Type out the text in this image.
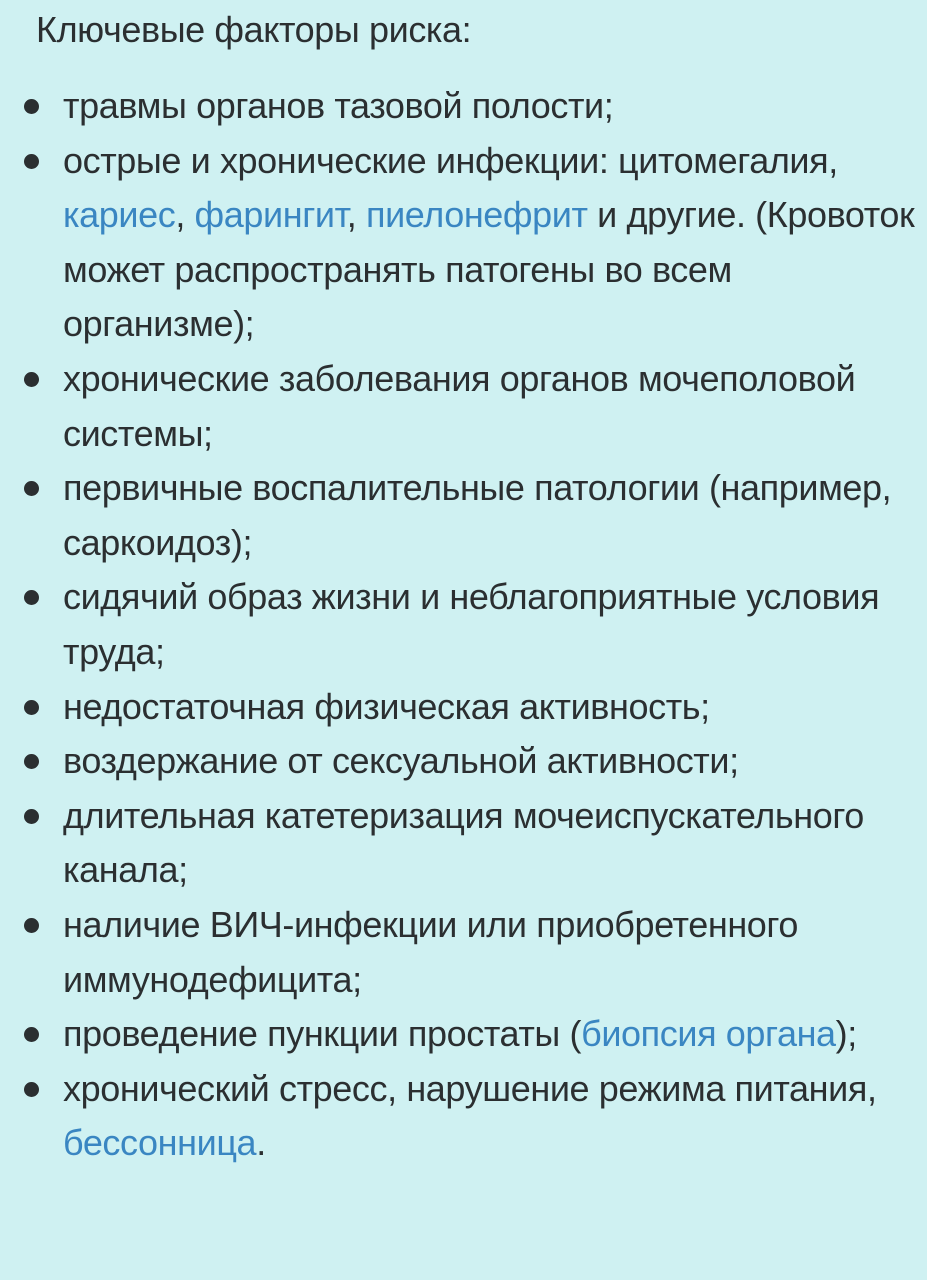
Ключевые факторы риска:
травмы органов тазовой полости;
острые и хронические инфекции: цитомегалия, кариес, фарингит, пиелонефрит и другие. (Кровоток может распространять патогены во всем организме);
хронические заболевания органов мочеполовой системы;
первичные воспалительные патологии (например, саркоидоз);
сидячий образ жизни и неблагоприятные условия труда;
недостаточная физическая активность;
воздержание от сексуальной активности;
длительная катетеризация мочеиспускательного канала;
наличие ВИЧ-инфекции или приобретенного иммунодефицита;
проведение пункции простаты (биопсия органа);
хронический стресс, нарушение режима питания, бессонница.
